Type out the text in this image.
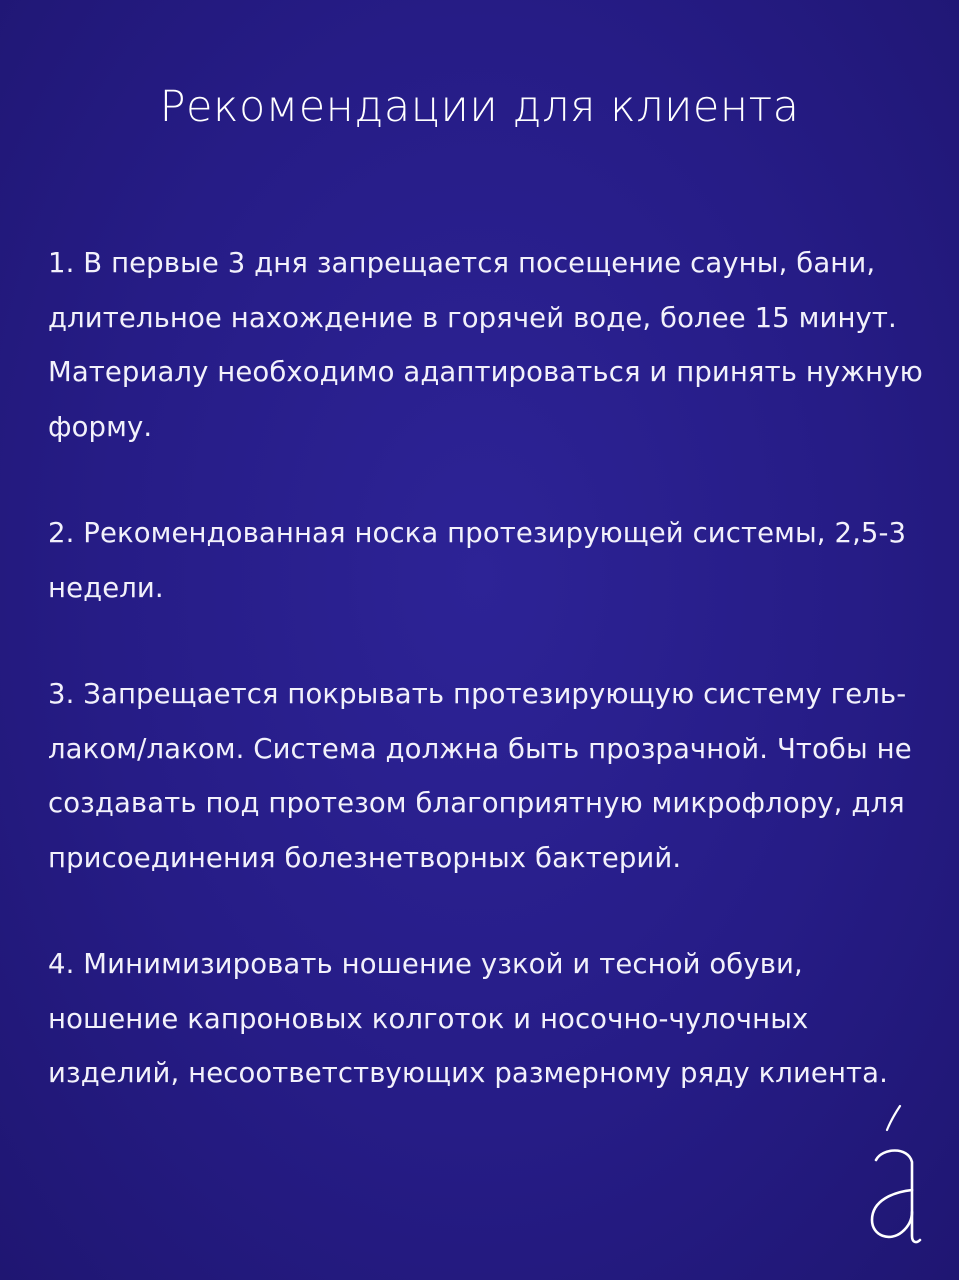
Рекомендации для клиента

1. В первые 3 дня запрещается посещение сауны, бани, длительное нахождение в горячей воде, более 15 минут. Материалу необходимо адаптироваться и принять нужную форму.

2. Рекомендованная носка протезирующей системы, 2,5-3 недели.

3. Запрещается покрывать протезирующую систему гель-лаком/лаком. Система должна быть прозрачной. Чтобы не создавать под протезом благоприятную микрофлору, для присоединения болезнетворных бактерий.

4. Минимизировать ношение узкой и тесной обуви, ношение капроновых колготок и носочно-чулочных изделий, несоответствующих размерному ряду клиента.
